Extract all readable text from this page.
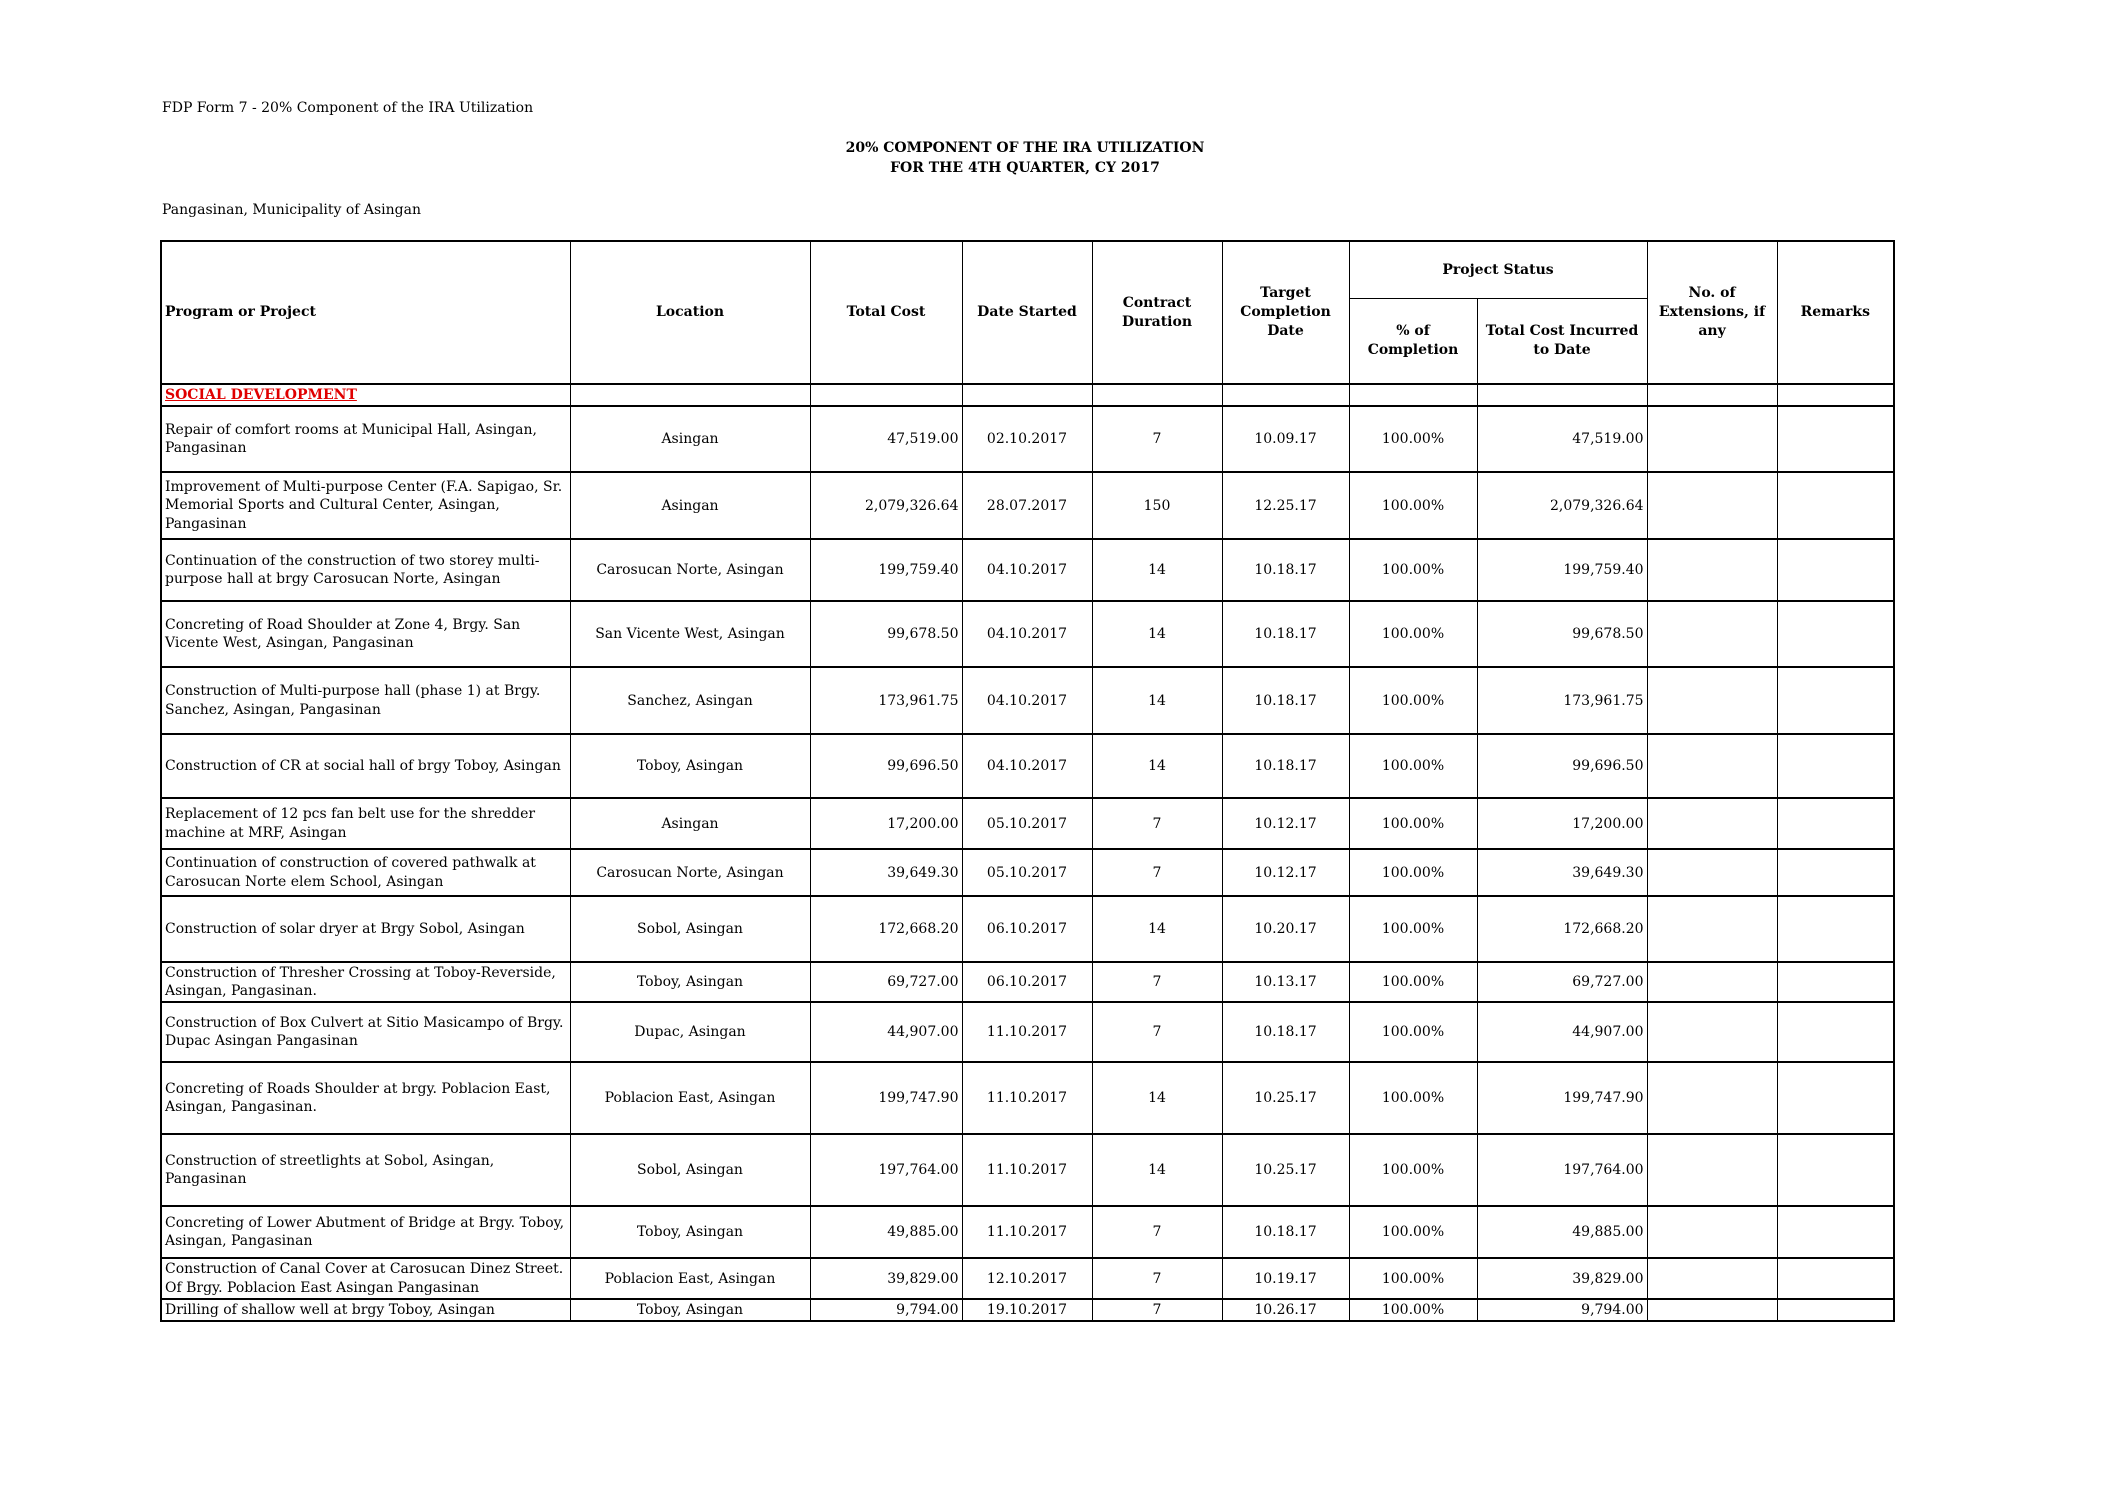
FDP Form 7 - 20% Component of the IRA Utilization
20% COMPONENT OF THE IRA UTILIZATION
FOR THE 4TH QUARTER, CY 2017
Pangasinan, Municipality of Asingan
Program or Project	Location	Total Cost	Date Started	Contract Duration	Target Completion Date	Project Status		No. of Extensions, if any	Remarks
						% of Completion	Total Cost Incurred to Date		
SOCIAL DEVELOPMENT									
Repair of comfort rooms at Municipal Hall, Asingan, Pangasinan	Asingan	47,519.00	02.10.2017	7	10.09.17	100.00%	47,519.00		
Improvement of Multi-purpose Center (F.A. Sapigao, Sr. Memorial Sports and Cultural Center, Asingan, Pangasinan	Asingan	2,079,326.64	28.07.2017	150	12.25.17	100.00%	2,079,326.64		
Continuation of the construction of two storey multi-purpose hall at brgy Carosucan Norte, Asingan	Carosucan Norte, Asingan	199,759.40	04.10.2017	14	10.18.17	100.00%	199,759.40		
Concreting of Road Shoulder at Zone 4, Brgy. San Vicente West, Asingan, Pangasinan	San Vicente West, Asingan	99,678.50	04.10.2017	14	10.18.17	100.00%	99,678.50		
Construction of Multi-purpose hall (phase 1) at Brgy. Sanchez, Asingan, Pangasinan	Sanchez, Asingan	173,961.75	04.10.2017	14	10.18.17	100.00%	173,961.75		
Construction of CR at social hall of brgy Toboy, Asingan	Toboy, Asingan	99,696.50	04.10.2017	14	10.18.17	100.00%	99,696.50		
Replacement of 12 pcs fan belt use for the shredder machine at MRF, Asingan	Asingan	17,200.00	05.10.2017	7	10.12.17	100.00%	17,200.00		
Continuation of construction of covered pathwalk at Carosucan Norte elem School, Asingan	Carosucan Norte, Asingan	39,649.30	05.10.2017	7	10.12.17	100.00%	39,649.30		
Construction of solar dryer at Brgy Sobol, Asingan	Sobol, Asingan	172,668.20	06.10.2017	14	10.20.17	100.00%	172,668.20		
Construction of Thresher Crossing at Toboy-Reverside, Asingan, Pangasinan.	Toboy, Asingan	69,727.00	06.10.2017	7	10.13.17	100.00%	69,727.00		
Construction of Box Culvert at Sitio Masicampo of Brgy. Dupac Asingan Pangasinan	Dupac, Asingan	44,907.00	11.10.2017	7	10.18.17	100.00%	44,907.00		
Concreting of Roads Shoulder at brgy. Poblacion East, Asingan, Pangasinan.	Poblacion East, Asingan	199,747.90	11.10.2017	14	10.25.17	100.00%	199,747.90		
Construction of streetlights at Sobol, Asingan, Pangasinan	Sobol, Asingan	197,764.00	11.10.2017	14	10.25.17	100.00%	197,764.00		
Concreting of Lower Abutment of Bridge at Brgy. Toboy, Asingan, Pangasinan	Toboy, Asingan	49,885.00	11.10.2017	7	10.18.17	100.00%	49,885.00		
Construction of Canal Cover at Carosucan Dinez Street. Of Brgy. Poblacion East Asingan Pangasinan	Poblacion East, Asingan	39,829.00	12.10.2017	7	10.19.17	100.00%	39,829.00		
Drilling of shallow well at brgy Toboy, Asingan	Toboy, Asingan	9,794.00	19.10.2017	7	10.26.17	100.00%	9,794.00		
